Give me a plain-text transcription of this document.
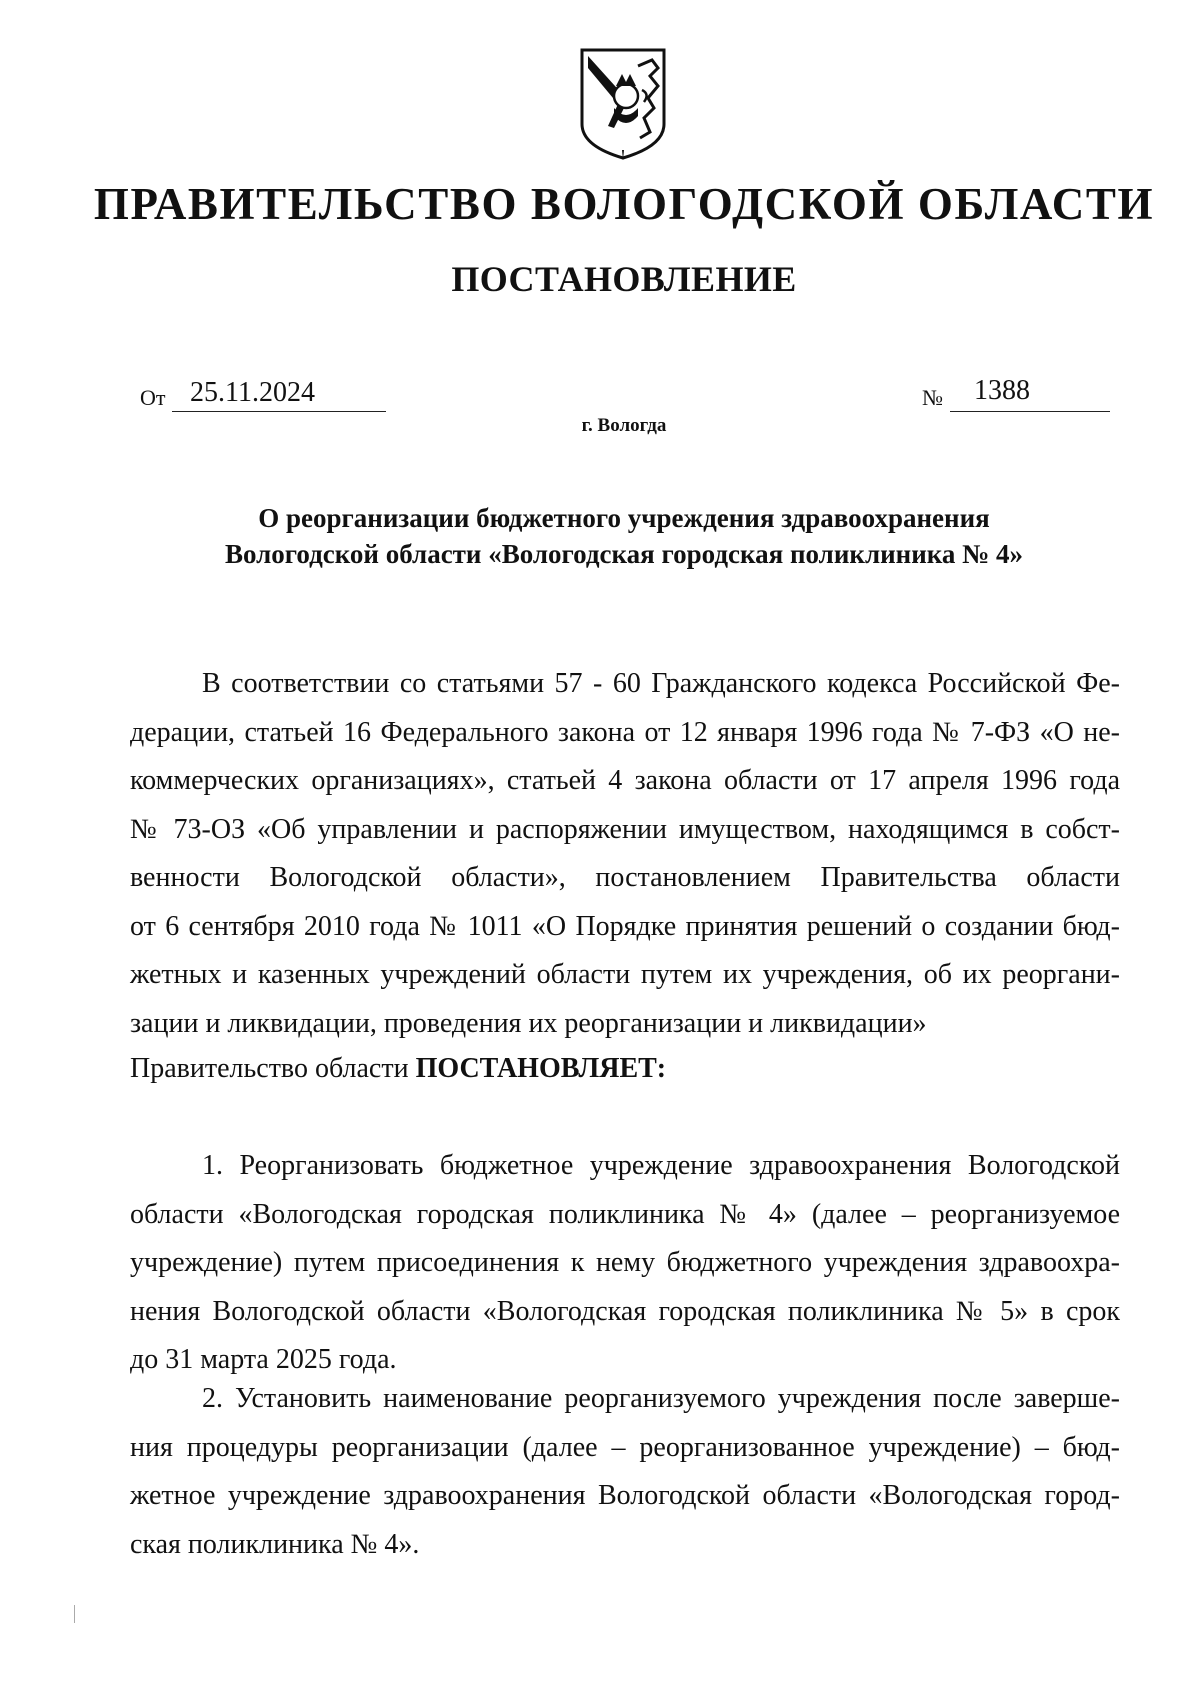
ПРАВИТЕЛЬСТВО ВОЛОГОДСКОЙ ОБЛАСТИ
ПОСТАНОВЛЕНИЕ
От 25.11.2024	№	1388
г. Вологда
О реорганизации бюджетного учреждения здравоохранения
Вологодской области «Вологодская городская поликлиника № 4»
В соответствии со статьями 57 - 60 Гражданского кодекса Российской Фе-
дерации, статьей 16 Федерального закона от 12 января 1996 года № 7-ФЗ «О не-
коммерческих организациях», статьей 4 закона области от 17 апреля 1996 года
№ 73-ОЗ «Об управлении и распоряжении имуществом, находящимся в собст-
венности Вологодской области», постановлением Правительства области
от 6 сентября 2010 года № 1011 «О Порядке принятия решений о создании бюд-
жетных и казенных учреждений области путем их учреждения, об их реоргани-
зации и ликвидации, проведения их реорганизации и ликвидации»
Правительство области ПОСТАНОВЛЯЕТ:
1. Реорганизовать бюджетное учреждение здравоохранения Вологодской
области «Вологодская городская поликлиника № 4» (далее – реорганизуемое
учреждение) путем присоединения к нему бюджетного учреждения здравоохра-
нения Вологодской области «Вологодская городская поликлиника № 5» в срок
до 31 марта 2025 года.
2. Установить наименование реорганизуемого учреждения после заверше-
ния процедуры реорганизации (далее – реорганизованное учреждение) – бюд-
жетное учреждение здравоохранения Вологодской области «Вологодская город-
ская поликлиника № 4».
